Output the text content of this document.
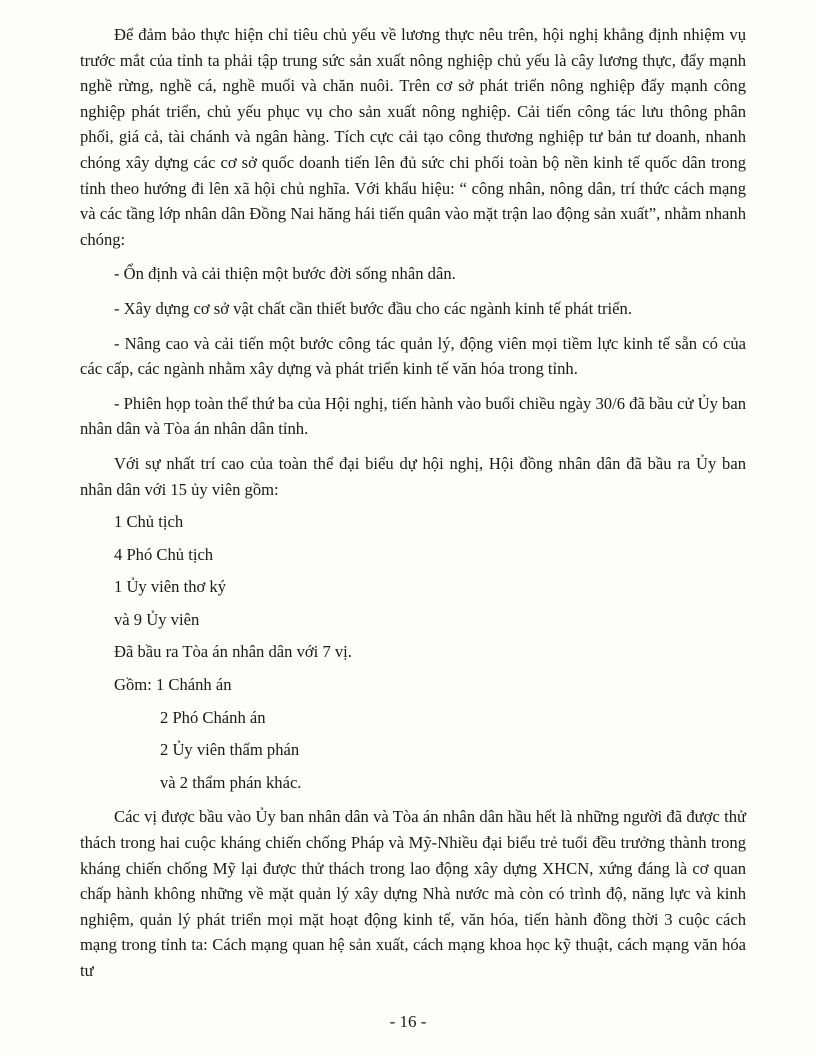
Để đảm bảo thực hiện chỉ tiêu chủ yếu về lương thực nêu trên, hội nghị khẳng định nhiệm vụ trước mắt của tỉnh ta phải tập trung sức sản xuất nông nghiệp chủ yếu là cây lương thực, đẩy mạnh nghề rừng, nghề cá, nghề muối và chăn nuôi. Trên cơ sở phát triển nông nghiệp đẩy mạnh công nghiệp phát triển, chủ yếu phục vụ cho sản xuất nông nghiệp. Cải tiến công tác lưu thông phân phối, giá cả, tài chánh và ngân hàng. Tích cực cải tạo công thương nghiệp tư bản tư doanh, nhanh chóng xây dựng các cơ sở quốc doanh tiến lên đủ sức chi phối toàn bộ nền kinh tế quốc dân trong tỉnh theo hướng đi lên xã hội chủ nghĩa. Với khẩu hiệu: “ công nhân, nông dân, trí thức cách mạng và các tầng lớp nhân dân Đồng Nai hăng hái tiến quân vào mặt trận lao động sản xuất”, nhằm nhanh chóng:

- Ổn định và cải thiện một bước đời sống nhân dân.

- Xây dựng cơ sở vật chất cần thiết bước đầu cho các ngành kinh tế phát triển.

- Nâng cao và cải tiến một bước công tác quản lý, động viên mọi tiềm lực kinh tế sẵn có của các cấp, các ngành nhằm xây dựng và phát triển kinh tế văn hóa trong tỉnh.

- Phiên họp toàn thể thứ ba của Hội nghị, tiến hành vào buổi chiều ngày 30/6 đã bầu cử Ủy ban nhân dân và Tòa án nhân dân tỉnh.

Với sự nhất trí cao của toàn thể đại biểu dự hội nghị, Hội đồng nhân dân đã bầu ra Ủy ban nhân dân với 15 ủy viên gồm:

1 Chủ tịch
4 Phó Chủ tịch
1 Ủy viên thơ ký
và 9 Ủy viên
Đã bầu ra Tòa án nhân dân với 7 vị.
Gồm: 1 Chánh án
2 Phó Chánh án
2 Ủy viên thẩm phán
và 2 thẩm phán khác.

Các vị được bầu vào Ủy ban nhân dân và Tòa án nhân dân hầu hết là những người đã được thử thách trong hai cuộc kháng chiến chống Pháp và Mỹ-Nhiều đại biểu trẻ tuổi đều trưởng thành trong kháng chiến chống Mỹ lại được thử thách trong lao động xây dựng XHCN, xứng đáng là cơ quan chấp hành không những về mặt quản lý xây dựng Nhà nước mà còn có trình độ, năng lực và kinh nghiệm, quản lý phát triển mọi mặt hoạt động kinh tế, văn hóa, tiến hành đồng thời 3 cuộc cách mạng trong tỉnh ta: Cách mạng quan hệ sản xuất, cách mạng khoa học kỹ thuật, cách mạng văn hóa tư

- 16 -
